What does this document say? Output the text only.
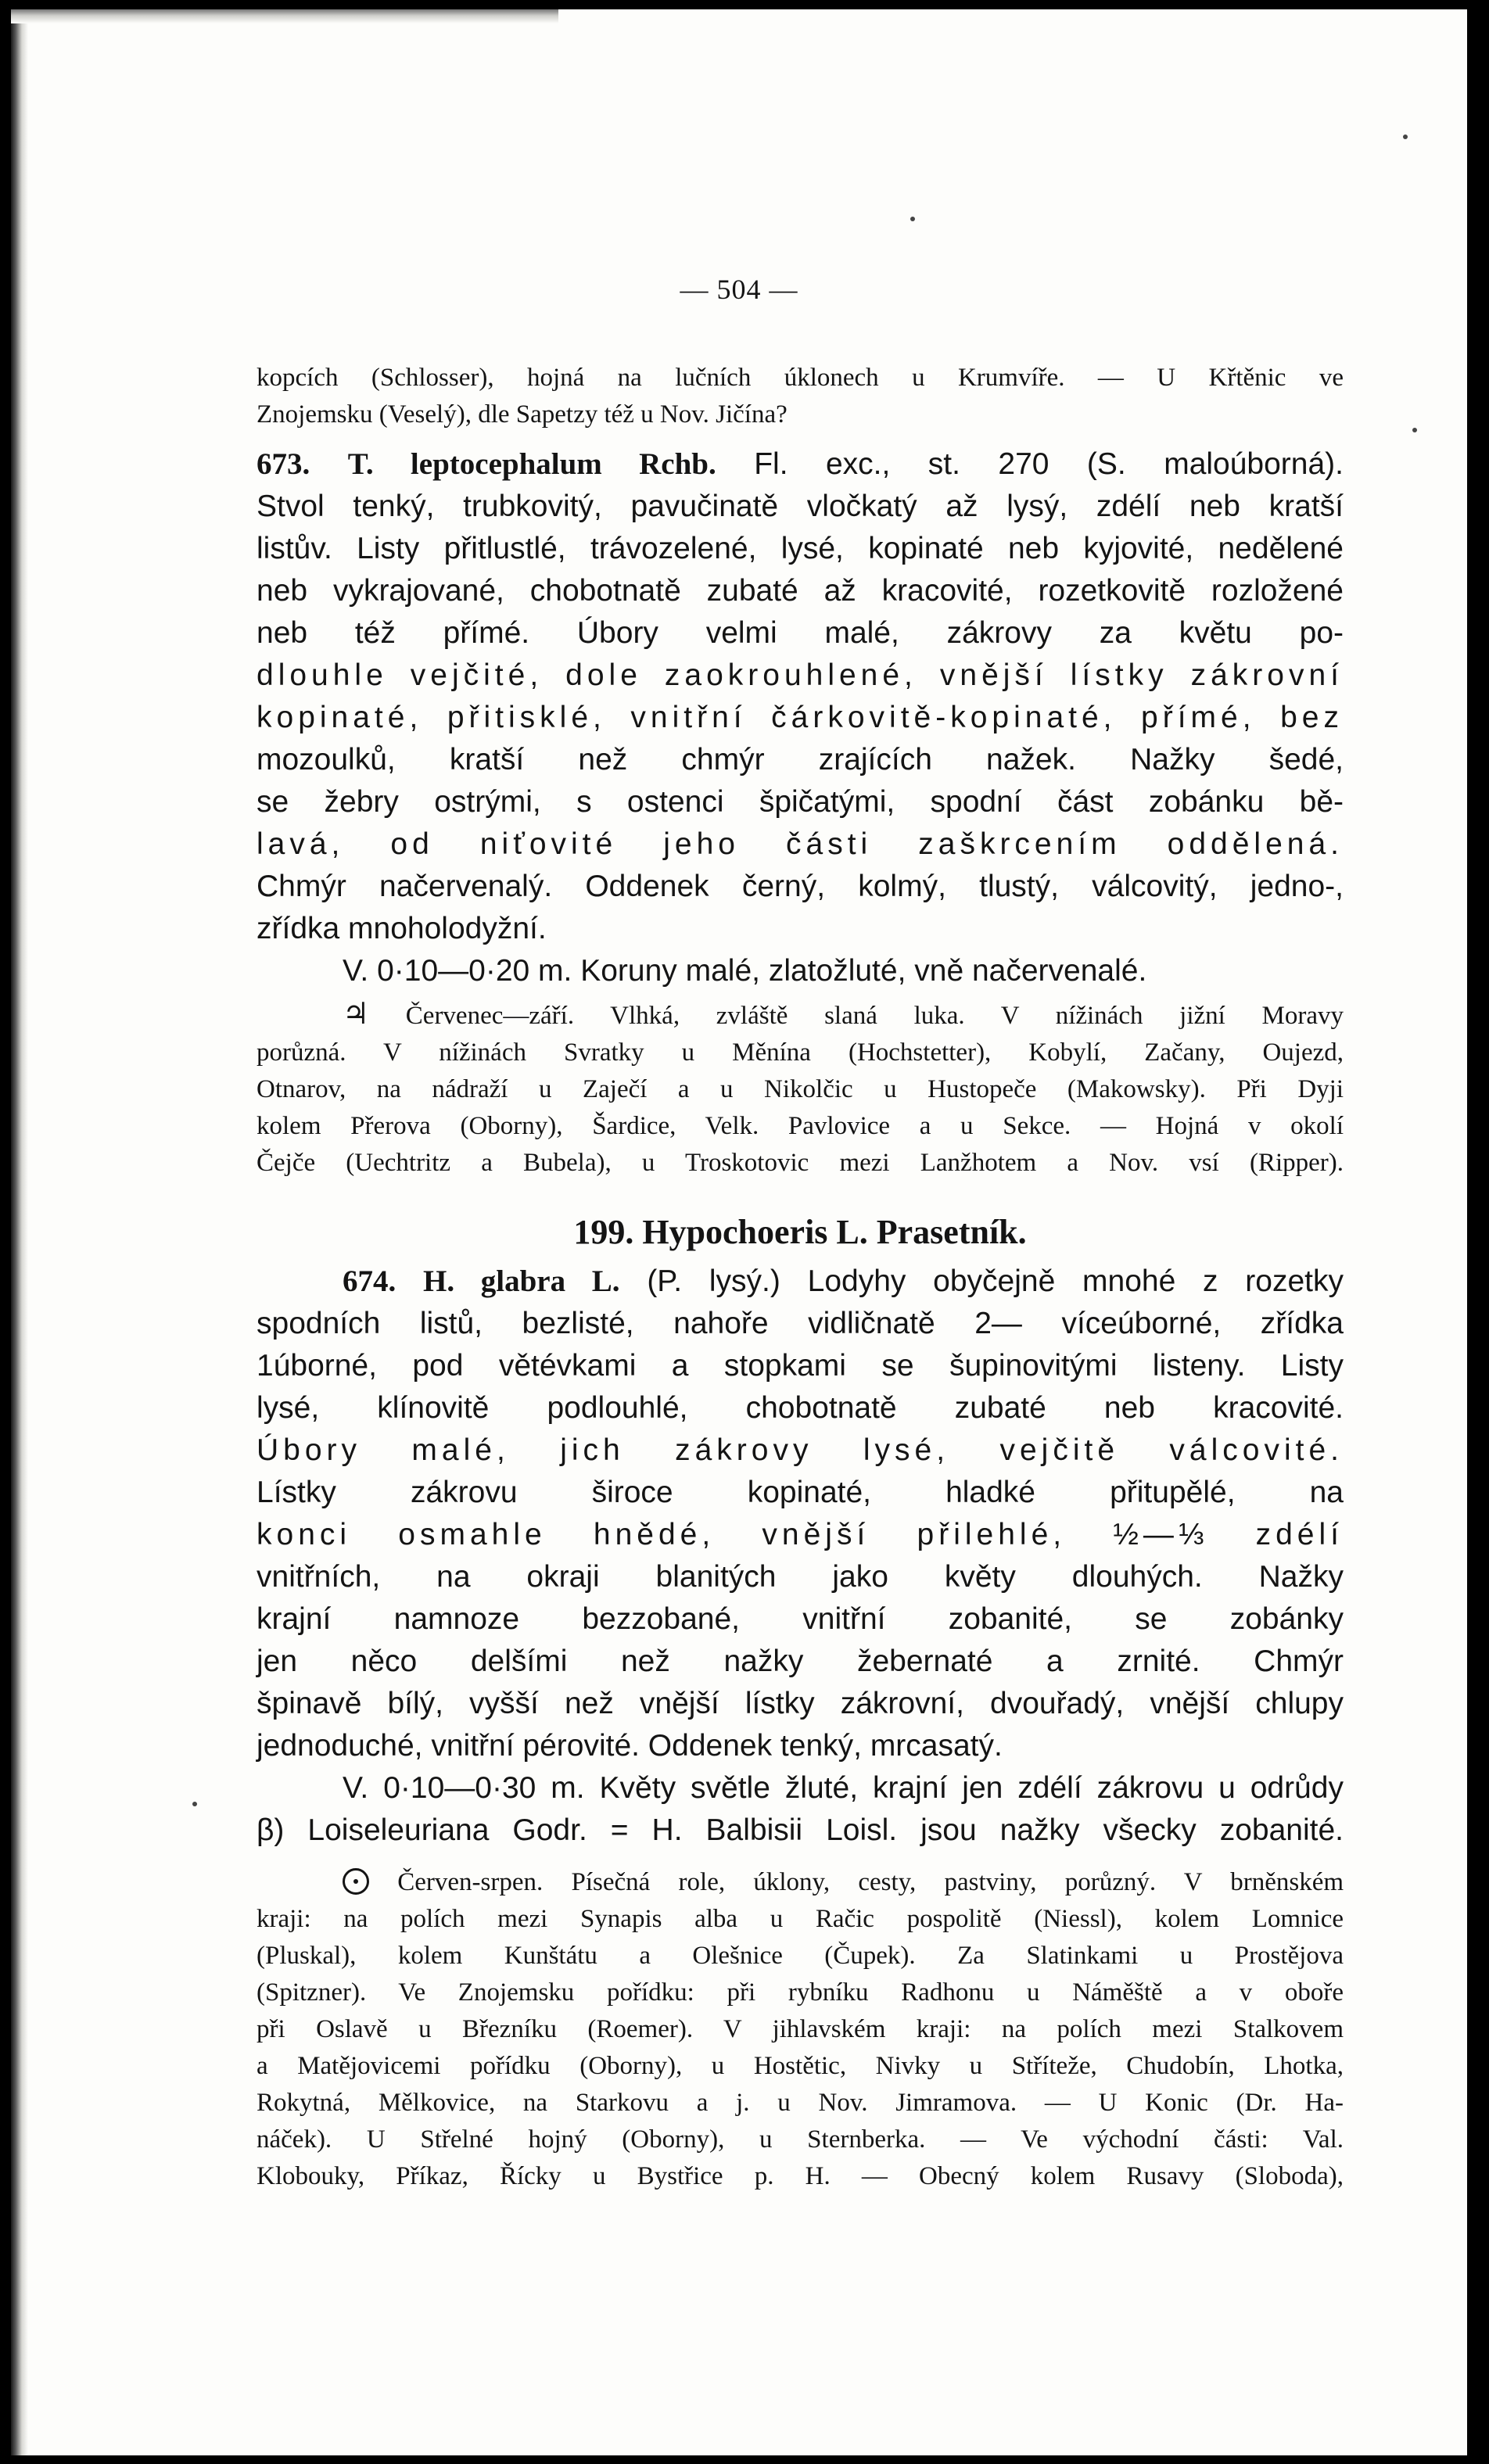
— 504 —
kopcích (Schlosser), hojná na lučních úklonech u Krumvíře. — U Křtěnic ve
Znojemsku (Veselý), dle Sapetzy též u Nov. Jičína?
673. T. leptocephalum Rchb. Fl. exc., st. 270 (S. maloúborná).
Stvol tenký, trubkovitý, pavučinatě vločkatý až lysý, zdélí neb kratší
listův. Listy přitlustlé, trávozelené, lysé, kopinaté neb kyjovité, nedělené
neb vykrajované, chobotnatě zubaté až kracovité, rozetkovitě rozložené
neb též přímé. Úbory velmi malé, zákrovy za květu po-
dlouhle vejčité, dole zaokrouhlené, vnější lístky zákrovní
kopinaté, přitisklé, vnitřní čárkovitě-kopinaté, přímé, bez
mozoulků, kratší než chmýr zrajících nažek. Nažky šedé,
se žebry ostrými, s ostenci špičatými, spodní část zobánku bě-
lavá, od niťovité jeho části zaškrcením oddělená.
Chmýr načervenalý. Oddenek černý, kolmý, tlustý, válcovitý, jedno-,
zřídka mnoholodyžní.
V. 0·10—0·20 m. Koruny malé, zlatožluté, vně načervenalé.
♃ Červenec—září. Vlhká, zvláště slaná luka. V nížinách jižní Moravy
porůzná. V nížinách Svratky u Měnína (Hochstetter), Kobylí, Začany, Oujezd,
Otnarov, na nádraží u Zaječí a u Nikolčic u Hustopeče (Makowsky). Při Dyji
kolem Přerova (Oborny), Šardice, Velk. Pavlovice a u Sekce. — Hojná v okolí
Čejče (Uechtritz a Bubela), u Troskotovic mezi Lanžhotem a Nov. vsí (Ripper).
199. Hypochoeris L. Prasetník.
674. H. glabra L. (P. lysý.) Lodyhy obyčejně mnohé z rozetky
spodních listů, bezlisté, nahoře vidličnatě 2— víceúborné, zřídka
1úborné, pod větévkami a stopkami se šupinovitými listeny. Listy
lysé, klínovitě podlouhlé, chobotnatě zubaté neb kracovité.
Úbory malé, jich zákrovy lysé, vejčitě válcovité.
Lístky zákrovu široce kopinaté, hladké přitupělé, na
konci osmahle hnědé, vnější přilehlé, ½—⅓ zdélí
vnitřních, na okraji blanitých jako květy dlouhých. Nažky
krajní namnoze bezzobané, vnitřní zobanité, se zobánky
jen něco delšími než nažky žebernaté a zrnité. Chmýr
špinavě bílý, vyšší než vnější lístky zákrovní, dvouřadý, vnější chlupy
jednoduché, vnitřní pérovité. Oddenek tenký, mrcasatý.
V. 0·10—0·30 m. Květy světle žluté, krajní jen zdélí zákrovu u odrůdy
β) Loiseleuriana Godr. = H. Balbisii Loisl. jsou nažky všecky zobanité.
Červen-srpen. Písečná role, úklony, cesty, pastviny, porůzný. V brněnském
kraji: na polích mezi Synapis alba u Račic pospolitě (Niessl), kolem Lomnice
(Pluskal), kolem Kunštátu a Olešnice (Čupek). Za Slatinkami u Prostějova
(Spitzner). Ve Znojemsku pořídku: při rybníku Radhonu u Náměště a v oboře
při Oslavě u Březníku (Roemer). V jihlavském kraji: na polích mezi Stalkovem
a Matějovicemi pořídku (Oborny), u Hostětic, Nivky u Stříteže, Chudobín, Lhotka,
Rokytná, Mělkovice, na Starkovu a j. u Nov. Jimramova. — U Konic (Dr. Ha-
náček). U Střelné hojný (Oborny), u Sternberka. — Ve východní části: Val.
Klobouky, Příkaz, Řícky u Bystřice p. H. — Obecný kolem Rusavy (Sloboda),
